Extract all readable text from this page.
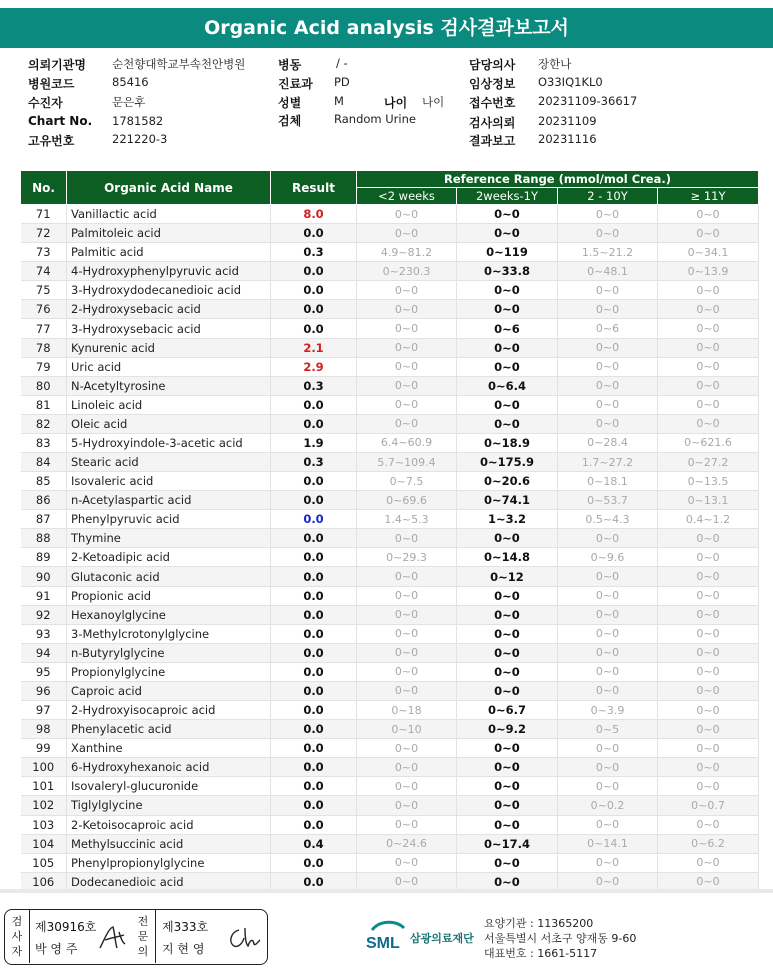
Organic Acid analysis 검사결과보고서
의뢰기관명 순천향대학교부속천안병원
병원코드	85416
수진자	문은후
Chart No. 1781582
고유번호	221220-3
병동	/ -
진료과 PD
성별	M	나이 나이
검체	Random Urine
담당의사 장한나
임상정보 O33IQ1KL0
접수번호 20231109-36617
검사의뢰 20231109
결과보고 20231116
No.	Organic Acid Name	Result	Reference Range (mmol/mol Crea.)			
			<2 weeks	2weeks-1Y	2 - 10Y	≥ 11Y
71	Vanillactic acid	8.0	0~0	0~0	0~0	0~0
72	Palmitoleic acid	0.0	0~0	0~0	0~0	0~0
73	Palmitic acid	0.3	4.9~81.2	0~119	1.5~21.2	0~34.1
74	4-Hydroxyphenylpyruvic acid	0.0	0~230.3	0~33.8	0~48.1	0~13.9
75	3-Hydroxydodecanedioic acid	0.0	0~0	0~0	0~0	0~0
76	2-Hydroxysebacic acid	0.0	0~0	0~0	0~0	0~0
77	3-Hydroxysebacic acid	0.0	0~0	0~6	0~6	0~0
78	Kynurenic acid	2.1	0~0	0~0	0~0	0~0
79	Uric acid	2.9	0~0	0~0	0~0	0~0
80	N-Acetyltyrosine	0.3	0~0	0~6.4	0~0	0~0
81	Linoleic acid	0.0	0~0	0~0	0~0	0~0
82	Oleic acid	0.0	0~0	0~0	0~0	0~0
83	5-Hydroxyindole-3-acetic acid	1.9	6.4~60.9	0~18.9	0~28.4	0~621.6
84	Stearic acid	0.3	5.7~109.4	0~175.9	1.7~27.2	0~27.2
85	Isovaleric acid	0.0	0~7.5	0~20.6	0~18.1	0~13.5
86	n-Acetylaspartic acid	0.0	0~69.6	0~74.1	0~53.7	0~13.1
87	Phenylpyruvic acid	0.0	1.4~5.3	1~3.2	0.5~4.3	0.4~1.2
88	Thymine	0.0	0~0	0~0	0~0	0~0
89	2-Ketoadipic acid	0.0	0~29.3	0~14.8	0~9.6	0~0
90	Glutaconic acid	0.0	0~0	0~12	0~0	0~0
91	Propionic acid	0.0	0~0	0~0	0~0	0~0
92	Hexanoylglycine	0.0	0~0	0~0	0~0	0~0
93	3-Methylcrotonylglycine	0.0	0~0	0~0	0~0	0~0
94	n-Butyrylglycine	0.0	0~0	0~0	0~0	0~0
95	Propionylglycine	0.0	0~0	0~0	0~0	0~0
96	Caproic acid	0.0	0~0	0~0	0~0	0~0
97	2-Hydroxyisocaproic acid	0.0	0~18	0~6.7	0~3.9	0~0
98	Phenylacetic acid	0.0	0~10	0~9.2	0~5	0~0
99	Xanthine	0.0	0~0	0~0	0~0	0~0
100	6-Hydroxyhexanoic acid	0.0	0~0	0~0	0~0	0~0
101	Isovaleryl-glucuronide	0.0	0~0	0~0	0~0	0~0
102	Tiglylglycine	0.0	0~0	0~0	0~0.2	0~0.7
103	2-Ketoisocaproic acid	0.0	0~0	0~0	0~0	0~0
104	Methylsuccinic acid	0.4	0~24.6	0~17.4	0~14.1	0~6.2
105	Phenylpropionylglycine	0.0	0~0	0~0	0~0	0~0
106	Dodecanedioic acid	0.0	0~0	0~0	0~0	0~0
검사자
제30916호
박 영 주
전문의
제333호
지 현 영	SML 삼광의료재단
요양기관 : 11365200
서울특별시 서초구 양재동 9-60
대표번호 : 1661-5117
